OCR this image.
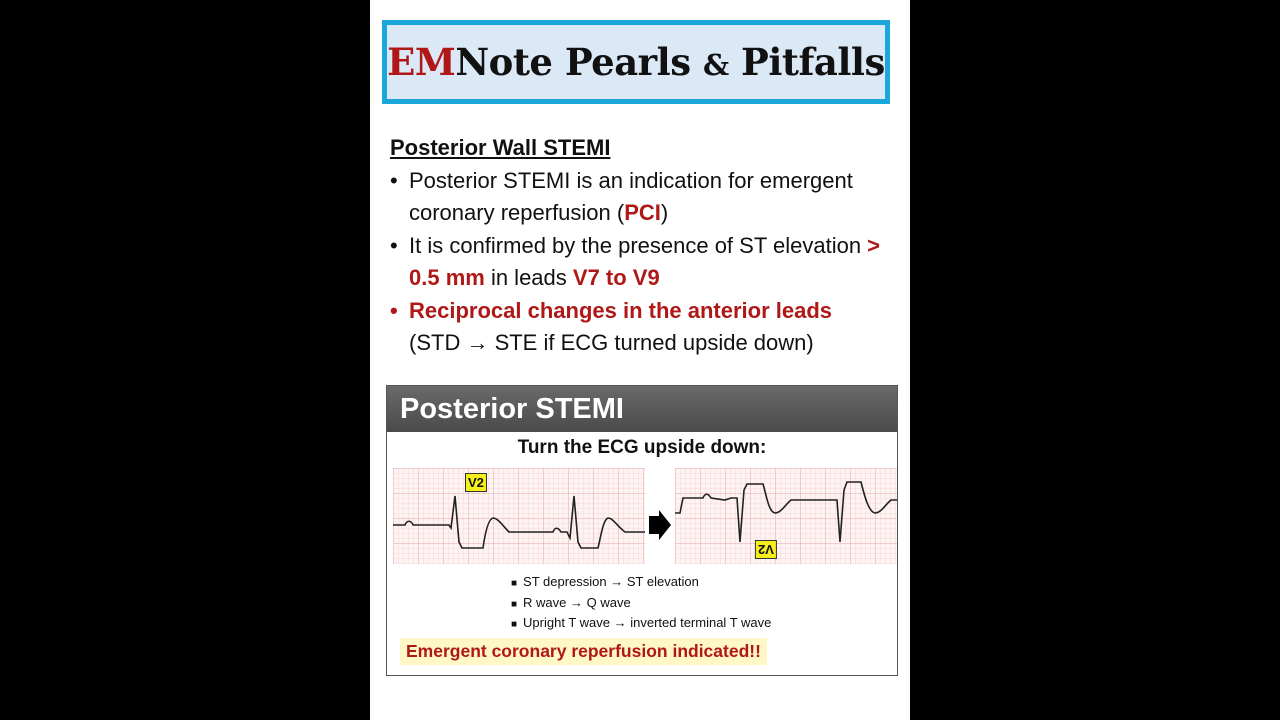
EMNote Pearls & Pitfalls
Posterior Wall STEMI
• Posterior STEMI is an indication for emergent coronary reperfusion (PCI)
• It is confirmed by the presence of ST elevation > 0.5 mm in leads V7 to V9
• Reciprocal changes in the anterior leads
(STD → STE if ECG turned upside down)
Posterior STEMI
Turn the ECG upside down:
V2
V2
■ ST depression → ST elevation
■ R wave → Q wave
■ Upright T wave → inverted terminal T wave
Emergent coronary reperfusion indicated!!
